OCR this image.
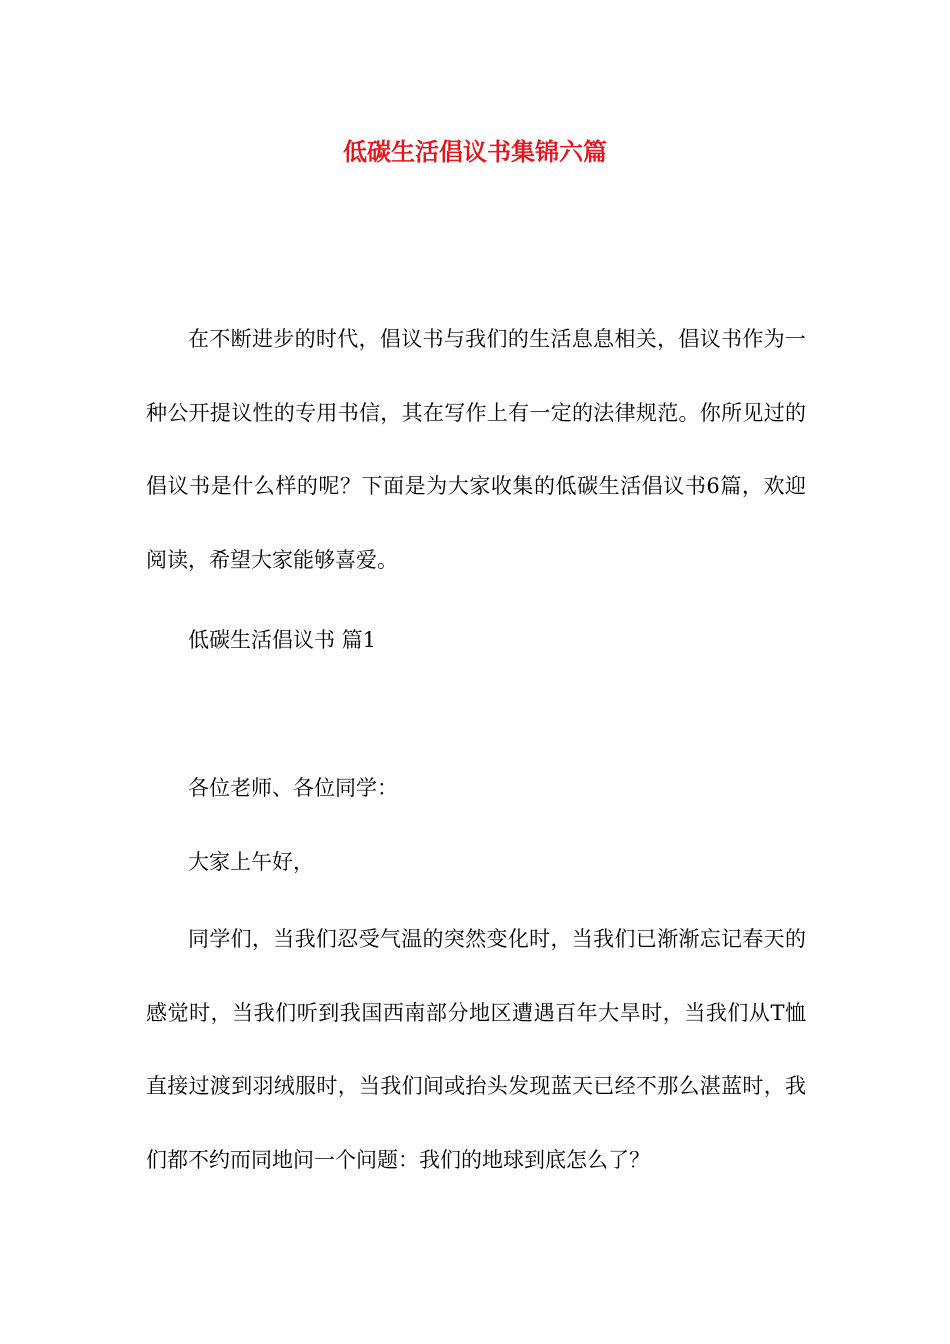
低碳生活倡议书集锦六篇
在不断进步的时代，倡议书与我们的生活息息相关，倡议书作为一种公开提议性的专用书信，其在写作上有一定的法律规范。你所见过的倡议书是什么样的呢？下面是为大家收集的低碳生活倡议书6篇，欢迎阅读，希望大家能够喜爱。
低碳生活倡议书 篇1
各位老师、各位同学：
大家上午好，
同学们，当我们忍受气温的突然变化时，当我们已渐渐忘记春天的感觉时，当我们听到我国西南部分地区遭遇百年大旱时，当我们从T恤直接过渡到羽绒服时，当我们间或抬头发现蓝天已经不那么湛蓝时，我们都不约而同地问一个问题：我们的地球到底怎么了？
